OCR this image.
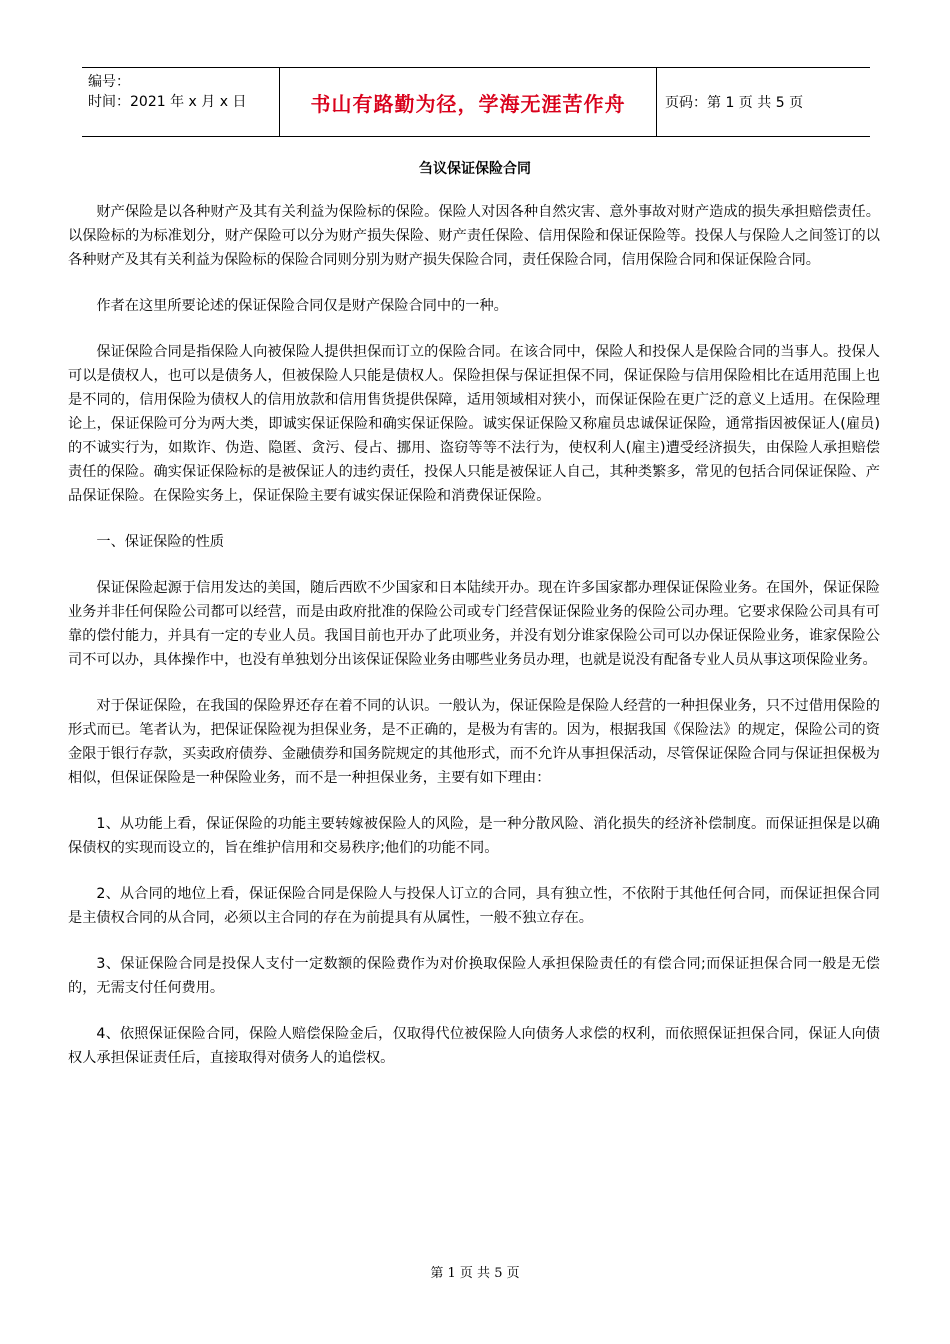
编号：
时间：2021 年 x 月 x 日	书山有路勤为径，学海无涯苦作舟	页码：第 1 页 共 5 页
刍议保证保险合同

财产保险是以各种财产及其有关利益为保险标的保险。保险人对因各种自然灾害、意外事故对财产造成的损失承担赔偿责任。以保险标的为标准划分，财产保险可以分为财产损失保险、财产责任保险、信用保险和保证保险等。投保人与保险人之间签订的以各种财产及其有关利益为保险标的保险合同则分别为财产损失保险合同，责任保险合同，信用保险合同和保证保险合同。

作者在这里所要论述的保证保险合同仅是财产保险合同中的一种。

保证保险合同是指保险人向被保险人提供担保而订立的保险合同。在该合同中，保险人和投保人是保险合同的当事人。投保人可以是债权人，也可以是债务人，但被保险人只能是债权人。保险担保与保证担保不同，保证保险与信用保险相比在适用范围上也是不同的，信用保险为债权人的信用放款和信用售货提供保障，适用领域相对狭小，而保证保险在更广泛的意义上适用。在保险理论上，保证保险可分为两大类，即诚实保证保险和确实保证保险。诚实保证保险又称雇员忠诚保证保险，通常指因被保证人(雇员)的不诚实行为，如欺诈、伪造、隐匿、贪污、侵占、挪用、盗窃等等不法行为，使权利人(雇主)遭受经济损失，由保险人承担赔偿责任的保险。确实保证保险标的是被保证人的违约责任，投保人只能是被保证人自己，其种类繁多，常见的包括合同保证保险、产品保证保险。在保险实务上，保证保险主要有诚实保证保险和消费保证保险。

一、保证保险的性质

保证保险起源于信用发达的美国，随后西欧不少国家和日本陆续开办。现在许多国家都办理保证保险业务。在国外，保证保险业务并非任何保险公司都可以经营，而是由政府批准的保险公司或专门经营保证保险业务的保险公司办理。它要求保险公司具有可靠的偿付能力，并具有一定的专业人员。我国目前也开办了此项业务，并没有划分谁家保险公司可以办保证保险业务，谁家保险公司不可以办，具体操作中，也没有单独划分出该保证保险业务由哪些业务员办理，也就是说没有配备专业人员从事这项保险业务。

对于保证保险，在我国的保险界还存在着不同的认识。一般认为，保证保险是保险人经营的一种担保业务，只不过借用保险的形式而已。笔者认为，把保证保险视为担保业务，是不正确的，是极为有害的。因为，根据我国《保险法》的规定，保险公司的资金限于银行存款，买卖政府债券、金融债券和国务院规定的其他形式，而不允许从事担保活动，尽管保证保险合同与保证担保极为相似，但保证保险是一种保险业务，而不是一种担保业务，主要有如下理由：

1、从功能上看，保证保险的功能主要转嫁被保险人的风险，是一种分散风险、消化损失的经济补偿制度。而保证担保是以确保债权的实现而设立的，旨在维护信用和交易秩序;他们的功能不同。

2、从合同的地位上看，保证保险合同是保险人与投保人订立的合同，具有独立性，不依附于其他任何合同，而保证担保合同是主债权合同的从合同，必须以主合同的存在为前提具有从属性，一般不独立存在。

3、保证保险合同是投保人支付一定数额的保险费作为对价换取保险人承担保险责任的有偿合同;而保证担保合同一般是无偿的，无需支付任何费用。

4、依照保证保险合同，保险人赔偿保险金后，仅取得代位被保险人向债务人求偿的权利，而依照保证担保合同，保证人向债权人承担保证责任后，直接取得对债务人的追偿权。

第 1 页 共 5 页
